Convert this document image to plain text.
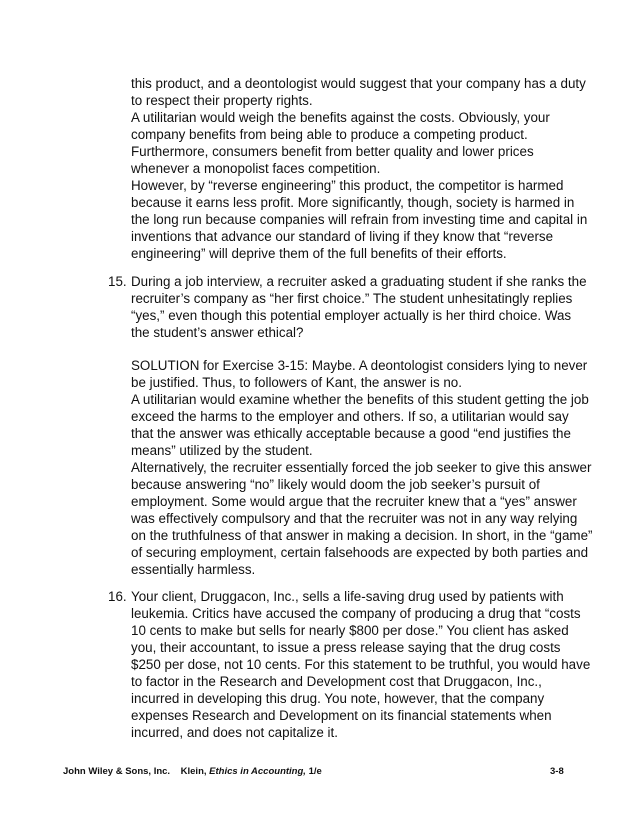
this product, and a deontologist would suggest that your company has a duty
to respect their property rights.
A utilitarian would weigh the benefits against the costs. Obviously, your
company benefits from being able to produce a competing product.
Furthermore, consumers benefit from better quality and lower prices
whenever a monopolist faces competition.
However, by “reverse engineering” this product, the competitor is harmed
because it earns less profit. More significantly, though, society is harmed in
the long run because companies will refrain from investing time and capital in
inventions that advance our standard of living if they know that “reverse
engineering” will deprive them of the full benefits of their efforts.
15. During a job interview, a recruiter asked a graduating student if she ranks the
recruiter’s company as “her first choice.” The student unhesitatingly replies
“yes,” even though this potential employer actually is her third choice. Was
the student’s answer ethical?
SOLUTION for Exercise 3-15: Maybe. A deontologist considers lying to never
be justified. Thus, to followers of Kant, the answer is no.
A utilitarian would examine whether the benefits of this student getting the job
exceed the harms to the employer and others. If so, a utilitarian would say
that the answer was ethically acceptable because a good “end justifies the
means” utilized by the student.
Alternatively, the recruiter essentially forced the job seeker to give this answer
because answering “no” likely would doom the job seeker’s pursuit of
employment. Some would argue that the recruiter knew that a “yes” answer
was effectively compulsory and that the recruiter was not in any way relying
on the truthfulness of that answer in making a decision. In short, in the “game”
of securing employment, certain falsehoods are expected by both parties and
essentially harmless.
16. Your client, Druggacon, Inc., sells a life-saving drug used by patients with
leukemia. Critics have accused the company of producing a drug that “costs
10 cents to make but sells for nearly $800 per dose.” You client has asked
you, their accountant, to issue a press release saying that the drug costs
$250 per dose, not 10 cents. For this statement to be truthful, you would have
to factor in the Research and Development cost that Druggacon, Inc.,
incurred in developing this drug. You note, however, that the company
expenses Research and Development on its financial statements when
incurred, and does not capitalize it.
John Wiley & Sons, Inc. Klein, Ethics in Accounting, 1/e	3-8
